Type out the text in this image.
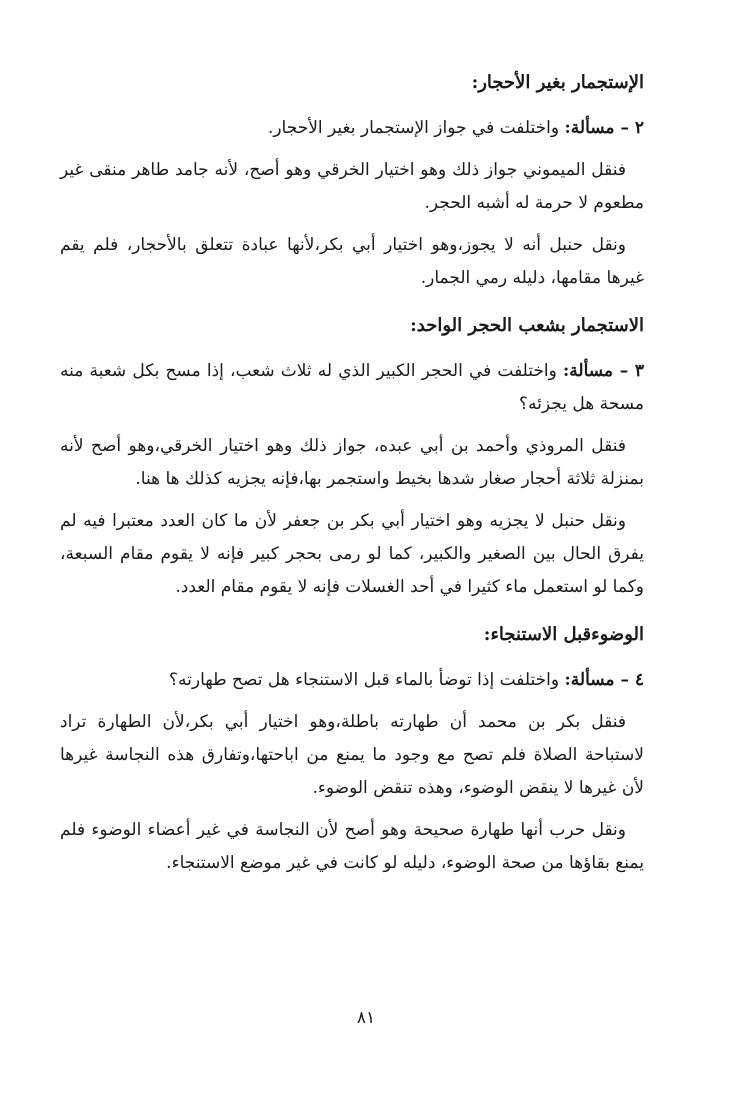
الإستجمار بغير الأحجار:

٢ – مسألة: واختلفت في جواز الإستجمار بغير الأحجار.

فنقل الميموني جواز ذلك وهو اختيار الخرقي وهو أصح، لأنه جامد طاهر منقى غير مطعوم لا حرمة له أشبه الحجر.

ونقل حنبل أنه لا يجوز،وهو اختيار أبي بكر،لأنها عبادة تتعلق بالأحجار، فلم يقم غيرها مقامها، دليله رمي الجمار.

الاستجمار بشعب الحجر الواحد:

٣ – مسألة: واختلفت في الحجر الكبير الذي له ثلاث شعب، إذا مسح بكل شعبة منه مسحة هل يجزئه؟

فنقل المروذي وأحمد بن أبي عبده، جواز ذلك وهو اختيار الخرقي،وهو أصح لأنه بمنزلة ثلاثة أحجار صغار شدها بخيط واستجمر بها،فإنه يجزيه كذلك ها هنا.

ونقل حنبل لا يجزيه وهو اختيار أبي بكر بن جعفر لأن ما كان العدد معتبرا فيه لم يفرق الحال بين الصغير والكبير، كما لو رمى بحجر كبير فإنه لا يقوم مقام السبعة، وكما لو استعمل ماء كثيرا في أحد الغسلات فإنه لا يقوم مقام العدد.

الوضوءقبل الاستنجاء:

٤ – مسألة: واختلفت إذا توضأ بالماء قبل الاستنجاء هل تصح طهارته؟

فنقل بكر بن محمد أن طهارته باطلة،وهو اختيار أبي بكر،لأن الطهارة تراد لاستباحة الصلاة فلم تصح مع وجود ما يمنع من اباحتها،وتفارق هذه النجاسة غيرها لأن غيرها لا ينقض الوضوء، وهذه تنقض الوضوء.

ونقل حرب أنها طهارة صحيحة وهو أصح لأن النجاسة في غير أعضاء الوضوء فلم يمنع بقاؤها من صحة الوضوء، دليله لو كانت في غير موضع الاستنجاء.

٨١
